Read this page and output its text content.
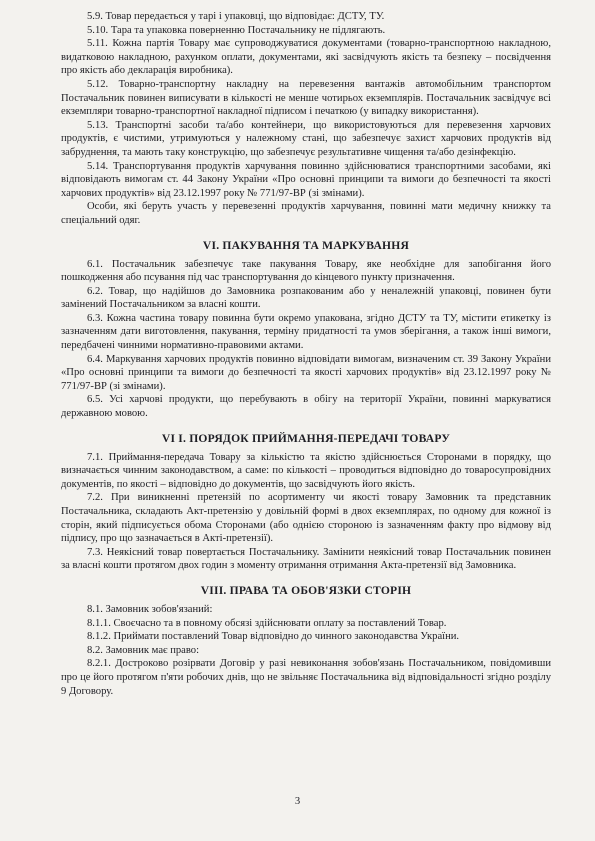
5.9. Товар передається у тарі і упаковці, що відповідає: ДСТУ, ТУ.

5.10. Тара та упаковка поверненню Постачальнику не підлягають.

5.11. Кожна партія Товару має супроводжуватися документами (товарно-транспортною накладною, видатковою накладною, рахунком оплати, документами, які засвідчують якість та безпеку – посвідчення про якість або декларація виробника).

5.12. Товарно-транспортну накладну на перевезення вантажів автомобільним транспортом Постачальник повинен виписувати в кількості не менше чотирьох екземплярів. Постачальник засвідчує всі екземпляри товарно-транспортної накладної підписом і печаткою (у випадку використання).

5.13. Транспортні засоби та/або контейнери, що використовуються для перевезення харчових продуктів, є чистими, утримуються у належному стані, що забезпечує захист харчових продуктів від забруднення, та мають таку конструкцію, що забезпечує результативне чищення та/або дезінфекцію.

5.14. Транспортування продуктів харчування повинно здійснюватися транспортними засобами, які відповідають вимогам ст. 44 Закону України «Про основні принципи та вимоги до безпечності та якості харчових продуктів» від 23.12.1997 року № 771/97-ВР (зі змінами).

Особи, які беруть участь у перевезенні продуктів харчування, повинні мати медичну книжку та спеціальний одяг.

VI. ПАКУВАННЯ ТА МАРКУВАННЯ

6.1. Постачальник забезпечує таке пакування Товару, яке необхідне для запобігання його пошкодження або псування під час транспортування до кінцевого пункту призначення.

6.2. Товар, що надійшов до Замовника розпакованим або у неналежній упаковці, повинен бути замінений Постачальником за власні кошти.

6.3. Кожна частина товару повинна бути окремо упакована, згідно ДСТУ та ТУ, містити етикетку із зазначенням дати виготовлення, пакування, терміну придатності та умов зберігання, а також інші вимоги, передбачені чинними нормативно-правовими актами.

6.4. Маркування харчових продуктів повинно відповідати вимогам, визначеним ст. 39 Закону України «Про основні принципи та вимоги до безпечності та якості харчових продуктів» від 23.12.1997 року № 771/97-ВР (зі змінами).

6.5. Усі харчові продукти, що перебувають в обігу на території України, повинні маркуватися державною мовою.

VI I. ПОРЯДОК ПРИЙМАННЯ-ПЕРЕДАЧІ ТОВАРУ

7.1. Приймання-передача Товару за кількістю та якістю здійснюється Сторонами в порядку, що визначається чинним законодавством, а саме: по кількості – проводиться відповідно до товаросупровідних документів, по якості – відповідно до документів, що засвідчують його якість.

7.2. При виникненні претензій по асортименту чи якості товару Замовник та представник Постачальника, складають Акт-претензію у довільній формі в двох екземплярах, по одному для кожної із сторін, який підписується обома Сторонами (або однією стороною із зазначенням факту про відмову від підпису, про що зазначається в Акті-претензії).

7.3. Неякісний товар повертається Постачальнику. Замінити неякісний товар Постачальник повинен за власні кошти протягом двох годин з моменту отримання отримання Акта-претензії від Замовника.

VIII. ПРАВА ТА ОБОВ'ЯЗКИ СТОРІН

8.1. Замовник зобов'язаний:

8.1.1. Своєчасно та в повному обсязі здійснювати оплату за поставлений Товар.

8.1.2. Приймати поставлений Товар відповідно до чинного законодавства України.

8.2. Замовник має право:

8.2.1. Достроково розірвати Договір у разі невиконання зобов'язань Постачальником, повідомивши про це його протягом п'яти робочих днів, що не звільняє Постачальника від відповідальності згідно розділу 9 Договору.

3
